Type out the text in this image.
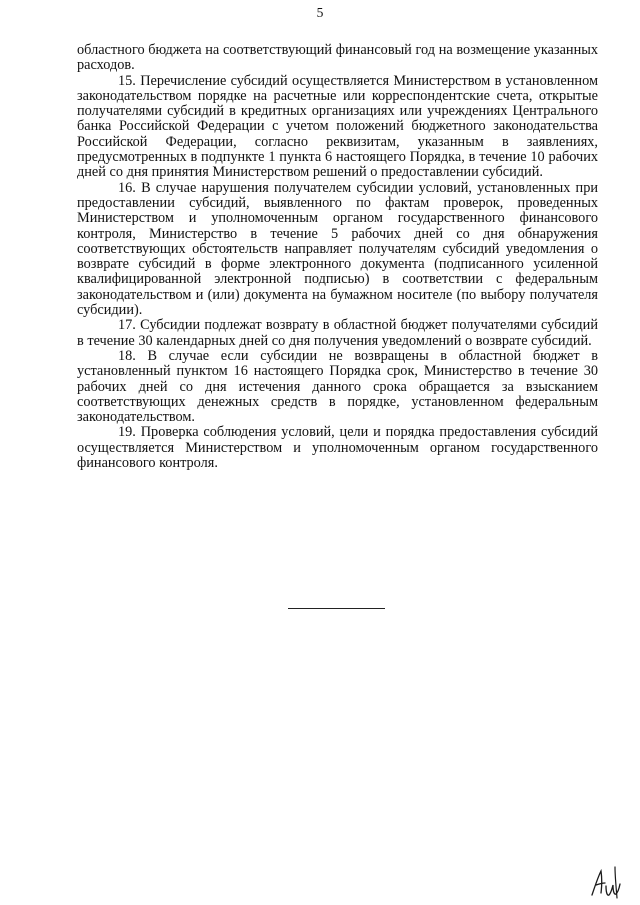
5

областного бюджета на соответствующий финансовый год на возмещение указанных расходов.

15. Перечисление субсидий осуществляется Министерством в установленном законодательством порядке на расчетные или корреспондентские счета, открытые получателями субсидий в кредитных организациях или учреждениях Центрального банка Российской Федерации с учетом положений бюджетного законодательства Российской Федерации, согласно реквизитам, указанным в заявлениях, предусмотренных в подпункте 1 пункта 6 настоящего Порядка, в течение 10 рабочих дней со дня принятия Министерством решений о предоставлении субсидий.

16. В случае нарушения получателем субсидии условий, установленных при предоставлении субсидий, выявленного по фактам проверок, проведенных Министерством и уполномоченным органом государственного финансового контроля, Министерство в течение 5 рабочих дней со дня обнаружения соответствующих обстоятельств направляет получателям субсидий уведомления о возврате субсидий в форме электронного документа (подписанного усиленной квалифицированной электронной подписью) в соответствии с федеральным законодательством и (или) документа на бумажном носителе (по выбору получателя субсидии).

17. Субсидии подлежат возврату в областной бюджет получателями субсидий в течение 30 календарных дней со дня получения уведомлений о возврате субсидий.

18. В случае если субсидии не возвращены в областной бюджет в установленный пунктом 16 настоящего Порядка срок, Министерство в течение 30 рабочих дней со дня истечения данного срока обращается за взысканием соответствующих денежных средств в порядке, установленном федеральным законодательством.

19. Проверка соблюдения условий, цели и порядка предоставления субсидий осуществляется Министерством и уполномоченным органом государственного финансового контроля.
